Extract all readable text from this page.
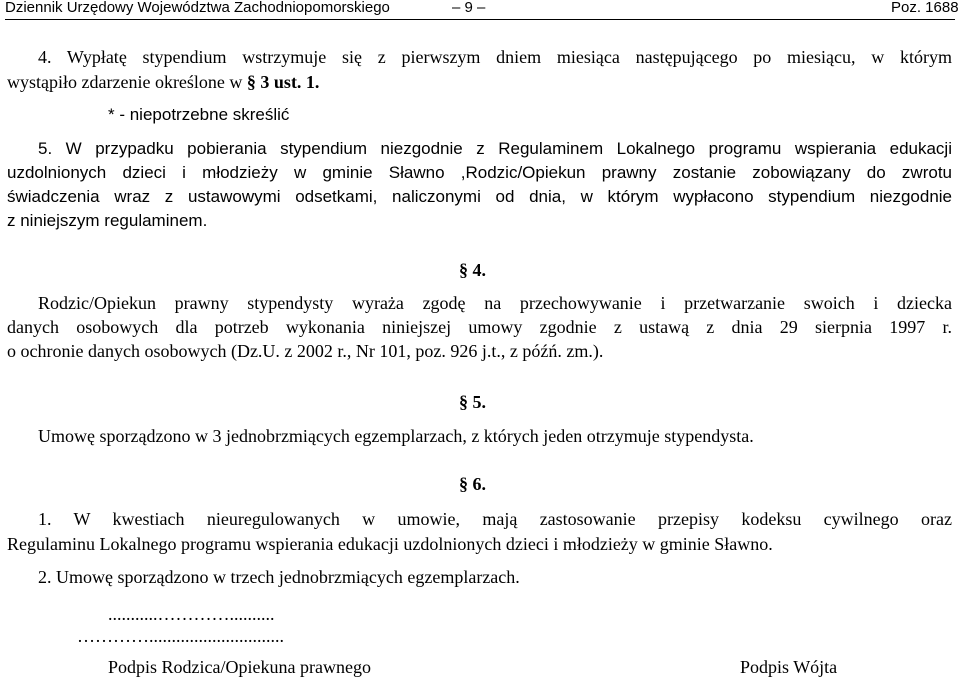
Dziennik Urzędowy Województwa Zachodniopomorskiego	– 9 –	Poz. 1688
4. Wypłatę stypendium wstrzymuje się z pierwszym dniem miesiąca następującego po miesiącu, w którym
wystąpiło zdarzenie określone w § 3 ust. 1.
* - niepotrzebne skreślić
5. W przypadku pobierania stypendium niezgodnie z Regulaminem Lokalnego programu wspierania edukacji
uzdolnionych dzieci i młodzieży w gminie Sławno ,Rodzic/Opiekun prawny zostanie zobowiązany do zwrotu
świadczenia wraz z ustawowymi odsetkami, naliczonymi od dnia, w którym wypłacono stypendium niezgodnie
z niniejszym regulaminem.
§ 4.
Rodzic/Opiekun prawny stypendysty wyraża zgodę na przechowywanie i przetwarzanie swoich i dziecka
danych osobowych dla potrzeb wykonania niniejszej umowy zgodnie z ustawą z dnia 29 sierpnia 1997 r.
o ochronie danych osobowych (Dz.U. z 2002 r., Nr 101, poz. 926 j.t., z późń. zm.).
§ 5.
Umowę sporządzono w 3 jednobrzmiących egzemplarzach, z których jeden otrzymuje stypendysta.
§ 6.
1. W kwestiach nieuregulowanych w umowie, mają zastosowanie przepisy kodeksu cywilnego oraz
Regulaminu Lokalnego programu wspierania edukacji uzdolnionych dzieci i młodzieży w gminie Sławno.
2. Umowę sporządzono w trzech jednobrzmiących egzemplarzach.
...........…………..........
…………..............................
Podpis Rodzica/Opiekuna prawnego	Podpis Wójta
